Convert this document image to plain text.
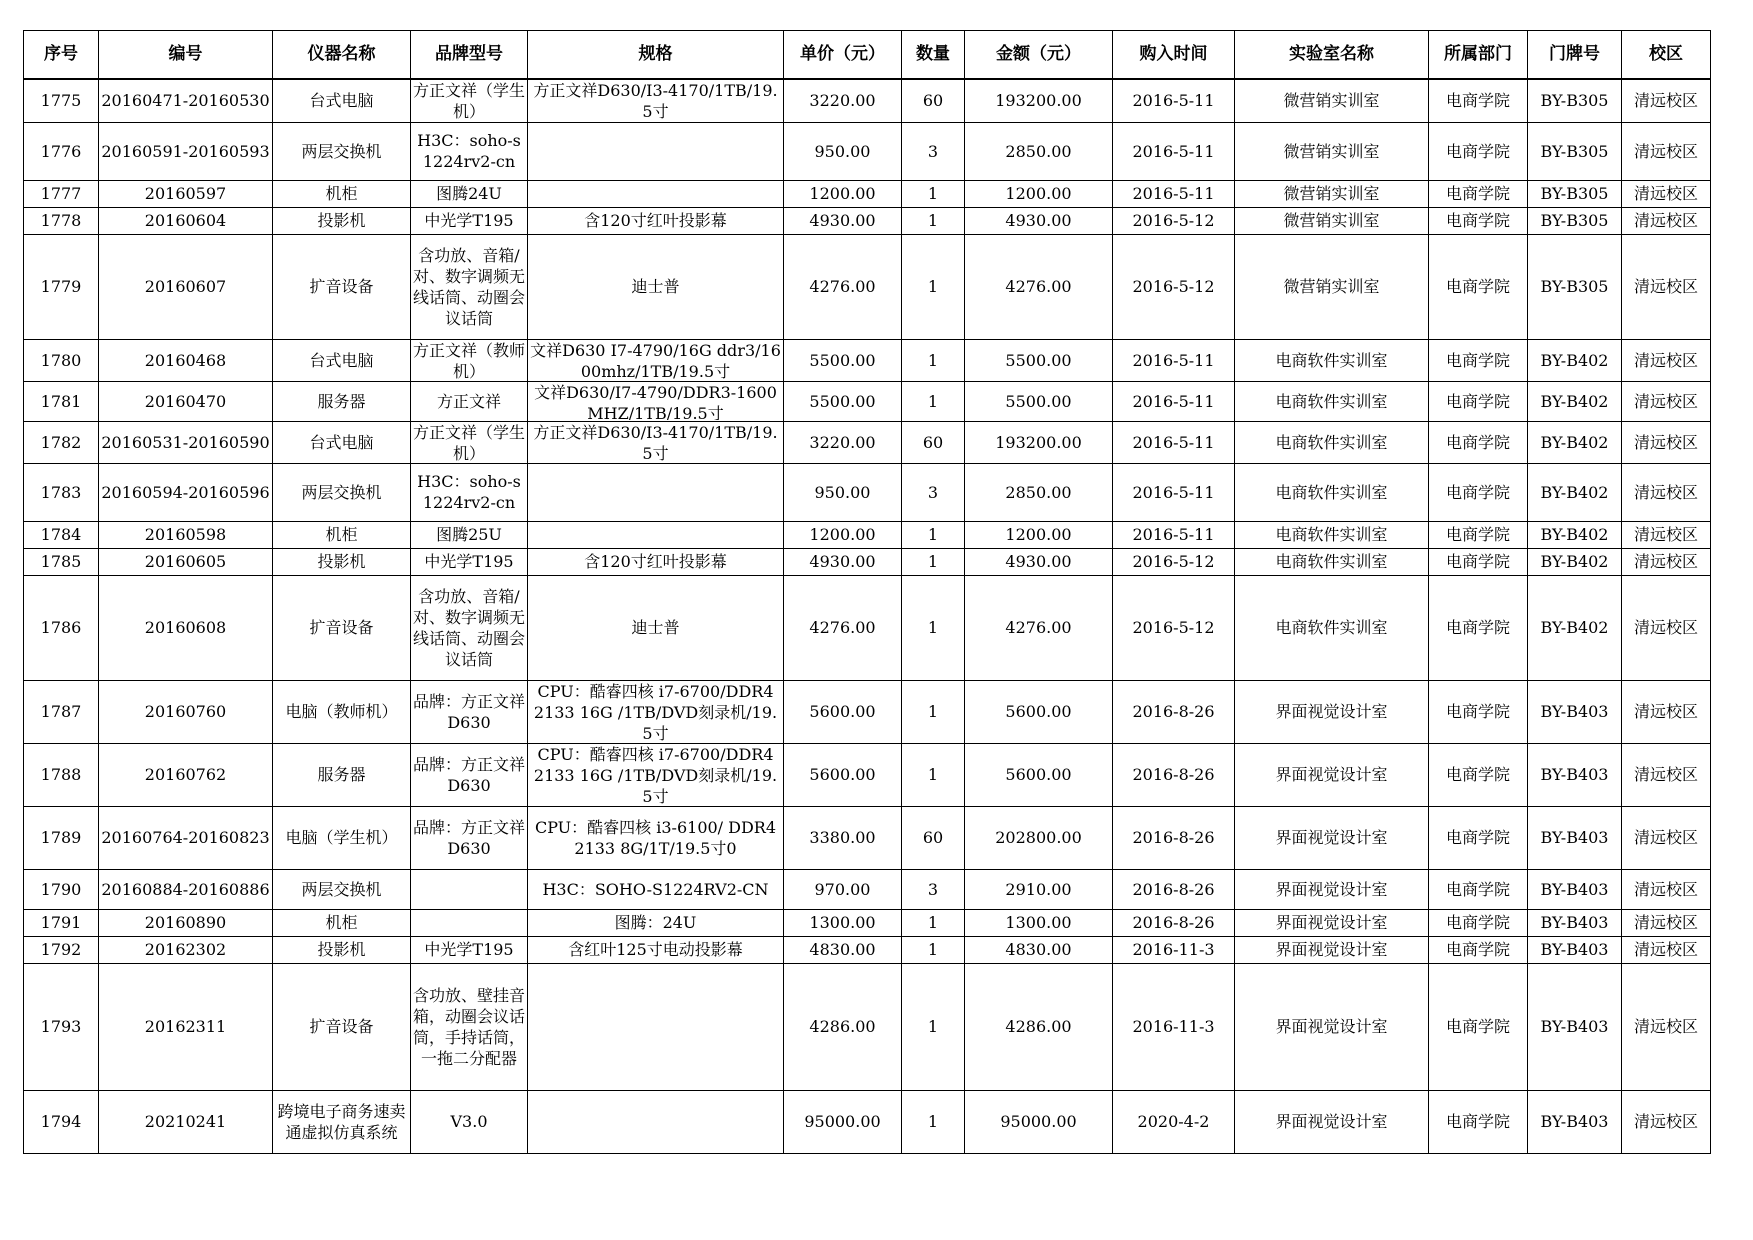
序号	编号	仪器名称	品牌型号	规格	单价（元）	数量	金额（元）	购入时间	实验室名称	所属部门	门牌号	校区

1775	20160471-20160530	台式电脑	方正文祥（学生机）	方正文祥D630/I3-4170/1TB/19.5寸	3220.00	60	193200.00	2016-5-11	微营销实训室	电商学院	BY-B305	清远校区

1776	20160591-20160593	两层交换机	H3C：soho-s1224rv2-cn		950.00	3	2850.00	2016-5-11	微营销实训室	电商学院	BY-B305	清远校区

1777	20160597	机柜	图腾24U		1200.00	1	1200.00	2016-5-11	微营销实训室	电商学院	BY-B305	清远校区

1778	20160604	投影机	中光学T195	含120寸红叶投影幕	4930.00	1	4930.00	2016-5-12	微营销实训室	电商学院	BY-B305	清远校区

1779	20160607	扩音设备	含功放、音箱/对、数字调频无线话筒、动圈会议话筒	迪士普	4276.00	1	4276.00	2016-5-12	微营销实训室	电商学院	BY-B305	清远校区

1780	20160468	台式电脑	方正文祥（教师机）	文祥D630 I7-4790/16G ddr3/1600mhz/1TB/19.5寸	5500.00	1	5500.00	2016-5-11	电商软件实训室	电商学院	BY-B402	清远校区

1781	20160470	服务器	方正文祥	文祥D630/I7-4790/DDR3-1600MHZ/1TB/19.5寸	5500.00	1	5500.00	2016-5-11	电商软件实训室	电商学院	BY-B402	清远校区

1782	20160531-20160590	台式电脑	方正文祥（学生机）	方正文祥D630/I3-4170/1TB/19.5寸	3220.00	60	193200.00	2016-5-11	电商软件实训室	电商学院	BY-B402	清远校区

1783	20160594-20160596	两层交换机	H3C：soho-s1224rv2-cn		950.00	3	2850.00	2016-5-11	电商软件实训室	电商学院	BY-B402	清远校区

1784	20160598	机柜	图腾25U		1200.00	1	1200.00	2016-5-11	电商软件实训室	电商学院	BY-B402	清远校区

1785	20160605	投影机	中光学T195	含120寸红叶投影幕	4930.00	1	4930.00	2016-5-12	电商软件实训室	电商学院	BY-B402	清远校区

1786	20160608	扩音设备	含功放、音箱/对、数字调频无线话筒、动圈会议话筒	迪士普	4276.00	1	4276.00	2016-5-12	电商软件实训室	电商学院	BY-B402	清远校区

1787	20160760	电脑（教师机）	品牌：方正文祥D630	CPU：酷睿四核 i7-6700/DDR4 2133 16G /1TB/DVD刻录机/19.5寸	5600.00	1	5600.00	2016-8-26	界面视觉设计室	电商学院	BY-B403	清远校区

1788	20160762	服务器	品牌：方正文祥D630	CPU：酷睿四核 i7-6700/DDR4 2133 16G /1TB/DVD刻录机/19.5寸	5600.00	1	5600.00	2016-8-26	界面视觉设计室	电商学院	BY-B403	清远校区

1789	20160764-20160823	电脑（学生机）	品牌：方正文祥D630	CPU：酷睿四核 i3-6100/ DDR4 2133 8G/1T/19.5寸0	3380.00	60	202800.00	2016-8-26	界面视觉设计室	电商学院	BY-B403	清远校区

1790	20160884-20160886	两层交换机		H3C：SOHO-S1224RV2-CN	970.00	3	2910.00	2016-8-26	界面视觉设计室	电商学院	BY-B403	清远校区

1791	20160890	机柜		图腾：24U	1300.00	1	1300.00	2016-8-26	界面视觉设计室	电商学院	BY-B403	清远校区

1792	20162302	投影机	中光学T195	含红叶125寸电动投影幕	4830.00	1	4830.00	2016-11-3	界面视觉设计室	电商学院	BY-B403	清远校区

1793	20162311	扩音设备	含功放、壁挂音箱，动圈会议话筒，手持话筒，一拖二分配器		4286.00	1	4286.00	2016-11-3	界面视觉设计室	电商学院	BY-B403	清远校区

1794	20210241	跨境电子商务速卖通虚拟仿真系统	V3.0		95000.00	1	95000.00	2020-4-2	界面视觉设计室	电商学院	BY-B403	清远校区
